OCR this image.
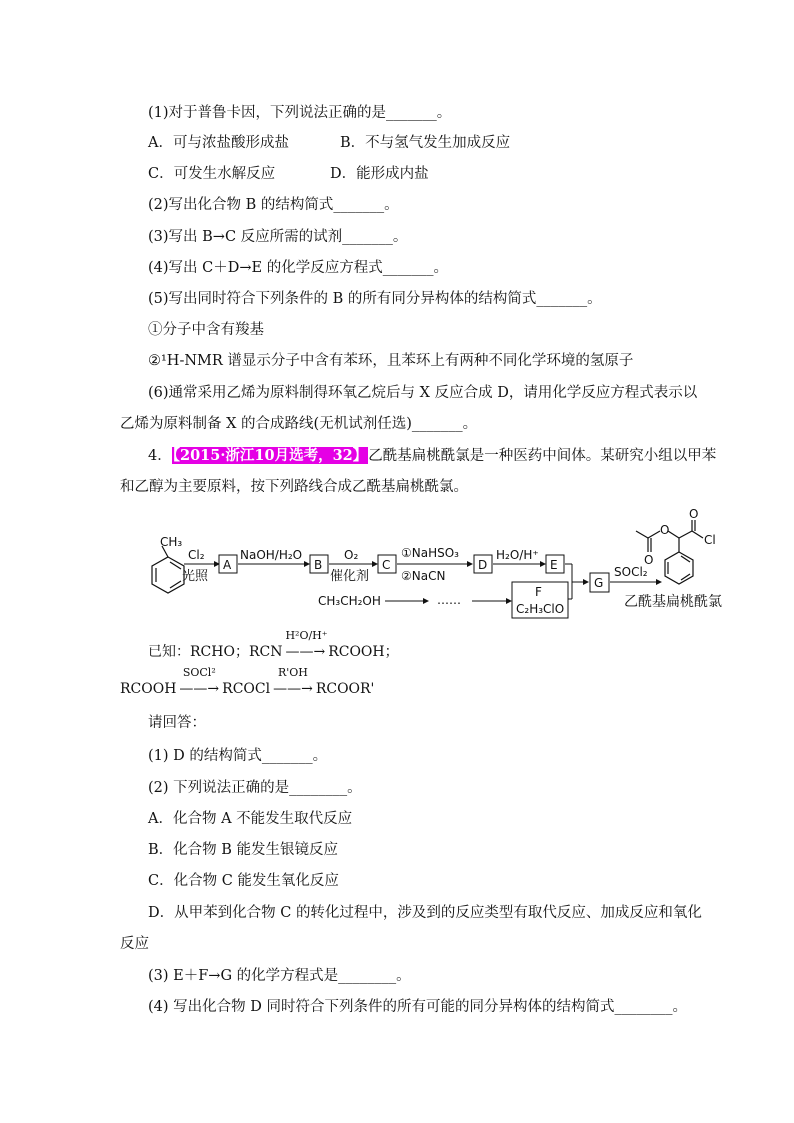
(1)对于普鲁卡因，下列说法正确的是_______。
A．可与浓盐酸形成盐	B．不与氢气发生加成反应
C．可发生水解反应	D．能形成内盐
(2)写出化合物 B 的结构简式_______。
(3)写出 B→C 反应所需的试剂_______。
(4)写出 C＋D→E 的化学反应方程式_______。
(5)写出同时符合下列条件的 B 的所有同分异构体的结构简式_______。
①分子中含有羧基
②¹H-NMR 谱显示分子中含有苯环，且苯环上有两种不同化学环境的氢原子
(6)通常采用乙烯为原料制得环氧乙烷后与 X 反应合成 D，请用化学反应方程式表示以
乙烯为原料制备 X 的合成路线(无机试剂任选)_______。
4．【2015·浙江10月选考，32】乙酰基扁桃酰氯是一种医药中间体。某研究小组以甲苯
和乙醇为主要原料，按下列路线合成乙酰基扁桃酰氯。
CH₃
Cl₂
光照
A
NaOH/H₂O
B
O₂
催化剂
C
①NaHSO₃
②NaCN
D
H₂O/H⁺
E
G
SOCl₂
F
C₂H₃ClO
CH₃CH₂OH	……
O
O
O
Cl
乙酰基扁桃酰氯
已知：RCHO；RCN
H²O/H⁺
——→ RCOOH；
RCOOH
SOCl²
——→ RCOCl
R'OH
——→ RCOOR'
请回答：
(1) D 的结构简式_______。
(2) 下列说法正确的是________。
A．化合物 A 不能发生取代反应
B．化合物 B 能发生银镜反应
C．化合物 C 能发生氧化反应
D．从甲苯到化合物 C 的转化过程中，涉及到的反应类型有取代反应、加成反应和氧化
反应
(3) E＋F→G 的化学方程式是________。
(4) 写出化合物 D 同时符合下列条件的所有可能的同分异构体的结构简式________。
